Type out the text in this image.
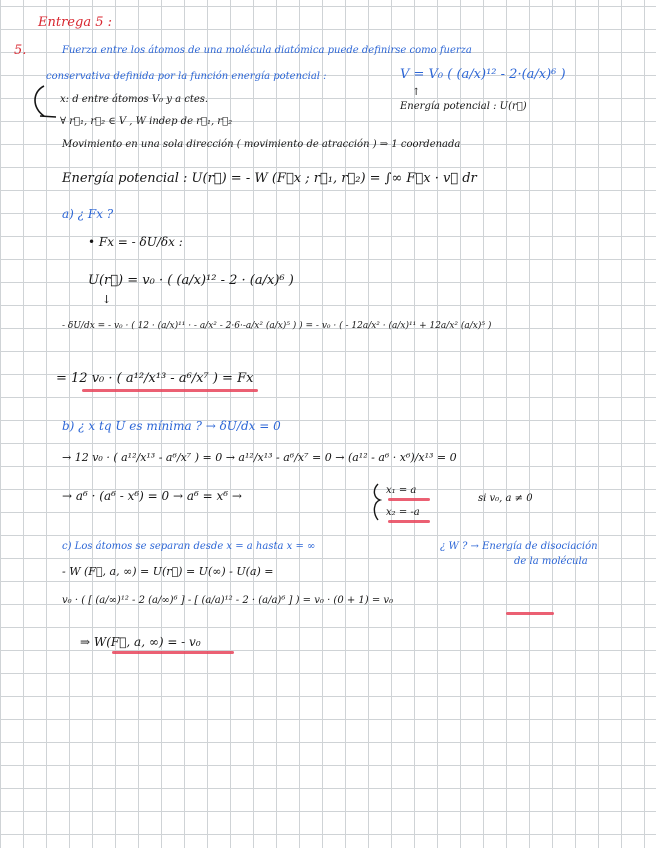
Entrega 5 :
5.	Fuerza entre los átomos de una molécula diatómica puede definirse como fuerza
conservativa definida por la función energía potencial :	V = V₀ ( (a/x)¹² - 2·(a/x)⁶ )
↑
Energía potencial : U(r⃗)
x: d entre átomos V₀ y a ctes.
∀ r⃗₁, r⃗₂ ∈ V , W indep de r⃗₁, r⃗₂
Movimiento en una sola dirección ( movimiento de atracción ) ⇒ 1 coordenada
Energía potencial : U(r⃗) = - W (F⃗x ; r⃗₁, r⃗₂) = ∫∞ F⃗x · v⃗ dr
a) ¿ Fx ?
• Fx = - δU/δx :
U(r⃗) = v₀ · ( (a/x)¹² - 2 · (a/x)⁶ )
↓
- δU/dx = - v₀ · ( 12 · (a/x)¹¹ · - a/x² - 2·6·-a/x² (a/x)⁵ ) ) = - v₀ · ( - 12a/x² · (a/x)¹¹ + 12a/x² (a/x)⁵ )
= 12 v₀ · ( a¹²/x¹³ - a⁶/x⁷ ) = Fx
b) ¿ x tq U es mínima ? → δU/dx = 0
→ 12 v₀ · ( a¹²/x¹³ - a⁶/x⁷ ) = 0 → a¹²/x¹³ - a⁶/x⁷ = 0 → (a¹² - a⁶ · x⁶)/x¹³ = 0
→ a⁶ · (a⁶ - x⁶) = 0 → a⁶ = x⁶ →	x₁ = a
x₂ = -a
si v₀, a ≠ 0
c) Los átomos se separan desde x = a hasta x = ∞	¿ W ? → Energía de disociación
de la molécula
- W (F⃗, a, ∞) = U(r⃗) = U(∞) - U(a) =
v₀ · ( [ (a/∞)¹² - 2 (a/∞)⁶ ] - [ (a/a)¹² - 2 · (a/a)⁶ ] ) = v₀ · (0 + 1) = v₀
⇒ W(F⃗, a, ∞) = - v₀
